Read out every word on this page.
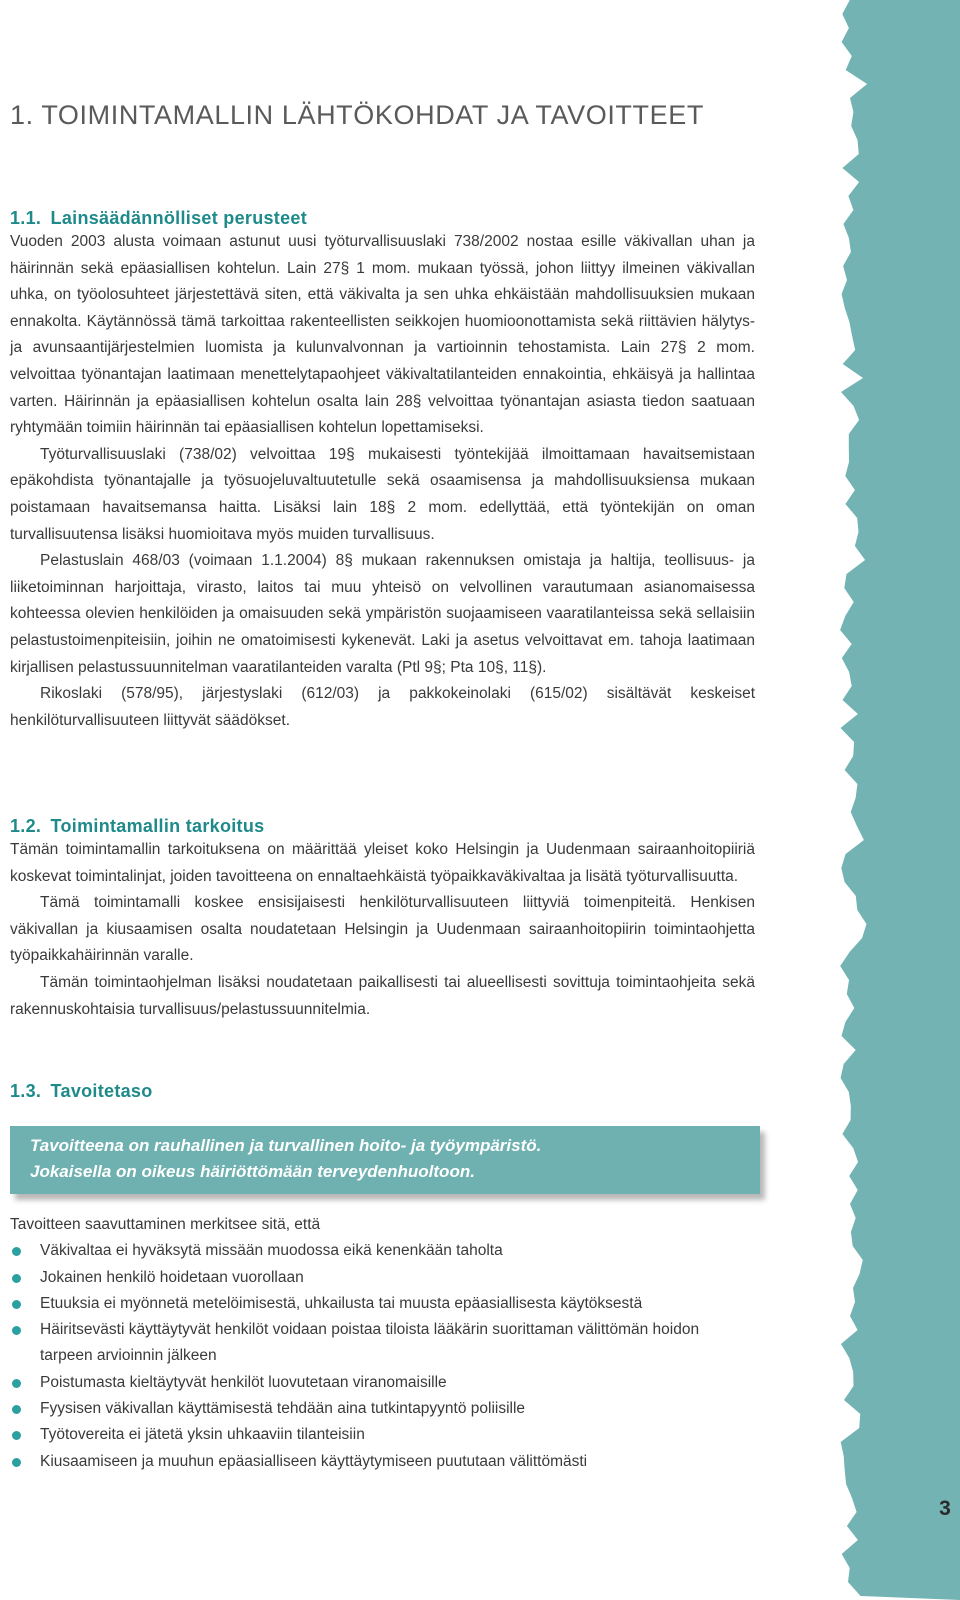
1. TOIMINTAMALLIN LÄHTÖKOHDAT JA TAVOITTEET
1.1. Lainsäädännölliset perusteet

Vuoden 2003 alusta voimaan astunut uusi työturvallisuuslaki 738/2002 nostaa esille väkivallan uhan ja häirinnän sekä epäasiallisen kohtelun. Lain 27§ 1 mom. mukaan työssä, johon liittyy ilmeinen väkivallan uhka, on työolosuhteet järjestettävä siten, että väkivalta ja sen uhka ehkäistään mahdollisuuksien mukaan ennakolta. Käytännössä tämä tarkoittaa rakenteellisten seikkojen huomioonottamista sekä riittävien hälytys- ja avunsaantijärjestelmien luomista ja kulunvalvonnan ja vartioinnin tehostamista. Lain 27§ 2 mom. velvoittaa työnantajan laatimaan menettelytapaohjeet väkivaltatilanteiden ennakointia, ehkäisyä ja hallintaa varten. Häirinnän ja epäasiallisen kohtelun osalta lain 28§ velvoittaa työnantajan asiasta tiedon saatuaan ryhtymään toimiin häirinnän tai epäasiallisen kohtelun lopettamiseksi.

Työturvallisuuslaki (738/02) velvoittaa 19§ mukaisesti työntekijää ilmoittamaan havaitsemistaan epäkohdista työnantajalle ja työsuojeluvaltuutetulle sekä osaamisensa ja mahdollisuuksiensa mukaan poistamaan havaitsemansa haitta. Lisäksi lain 18§ 2 mom. edellyttää, että työntekijän on oman turvallisuutensa lisäksi huomioitava myös muiden turvallisuus.

Pelastuslain 468/03 (voimaan 1.1.2004) 8§ mukaan rakennuksen omistaja ja haltija, teollisuus- ja liiketoiminnan harjoittaja, virasto, laitos tai muu yhteisö on velvollinen varautumaan asianomaisessa kohteessa olevien henkilöiden ja omaisuuden sekä ympäristön suojaamiseen vaaratilanteissa sekä sellaisiin pelastustoimenpiteisiin, joihin ne omatoimisesti kykenevät. Laki ja asetus velvoittavat em. tahoja laatimaan kirjallisen pelastussuunnitelman vaaratilanteiden varalta (Ptl 9§; Pta 10§, 11§).

Rikoslaki (578/95), järjestyslaki (612/03) ja pakkokeinolaki (615/02) sisältävät keskeiset henkilöturvallisuuteen liittyvät säädökset.

1.2. Toimintamallin tarkoitus

Tämän toimintamallin tarkoituksena on määrittää yleiset koko Helsingin ja Uudenmaan sairaanhoitopiiriä koskevat toimintalinjat, joiden tavoitteena on ennaltaehkäistä työpaikkaväkivaltaa ja lisätä työturvallisuutta.

Tämä toimintamalli koskee ensisijaisesti henkilöturvallisuuteen liittyviä toimenpiteitä. Henkisen väkivallan ja kiusaamisen osalta noudatetaan Helsingin ja Uudenmaan sairaanhoitopiirin toimintaohjetta työpaikkahäirinnän varalle.

Tämän toimintaohjelman lisäksi noudatetaan paikallisesti tai alueellisesti sovittuja toimintaohjeita sekä rakennuskohtaisia turvallisuus/pelastussuunnitelmia.

1.3. Tavoitetaso
Tavoitteena on rauhallinen ja turvallinen hoito- ja työympäristö.
Jokaisella on oikeus häiriöttömään terveydenhuoltoon.

Tavoitteen saavuttaminen merkitsee sitä, että

Väkivaltaa ei hyväksytä missään muodossa eikä kenenkään taholta
Jokainen henkilö hoidetaan vuorollaan
Etuuksia ei myönnetä metelöimisestä, uhkailusta tai muusta epäasiallisesta käytöksestä
Häiritsevästi käyttäytyvät henkilöt voidaan poistaa tiloista lääkärin suorittaman välittömän hoidon tarpeen arvioinnin jälkeen
Poistumasta kieltäytyvät henkilöt luovutetaan viranomaisille
Fyysisen väkivallan käyttämisestä tehdään aina tutkintapyyntö poliisille
Työtovereita ei jätetä yksin uhkaaviin tilanteisiin
Kiusaamiseen ja muuhun epäasialliseen käyttäytymiseen puututaan välittömästi
3
